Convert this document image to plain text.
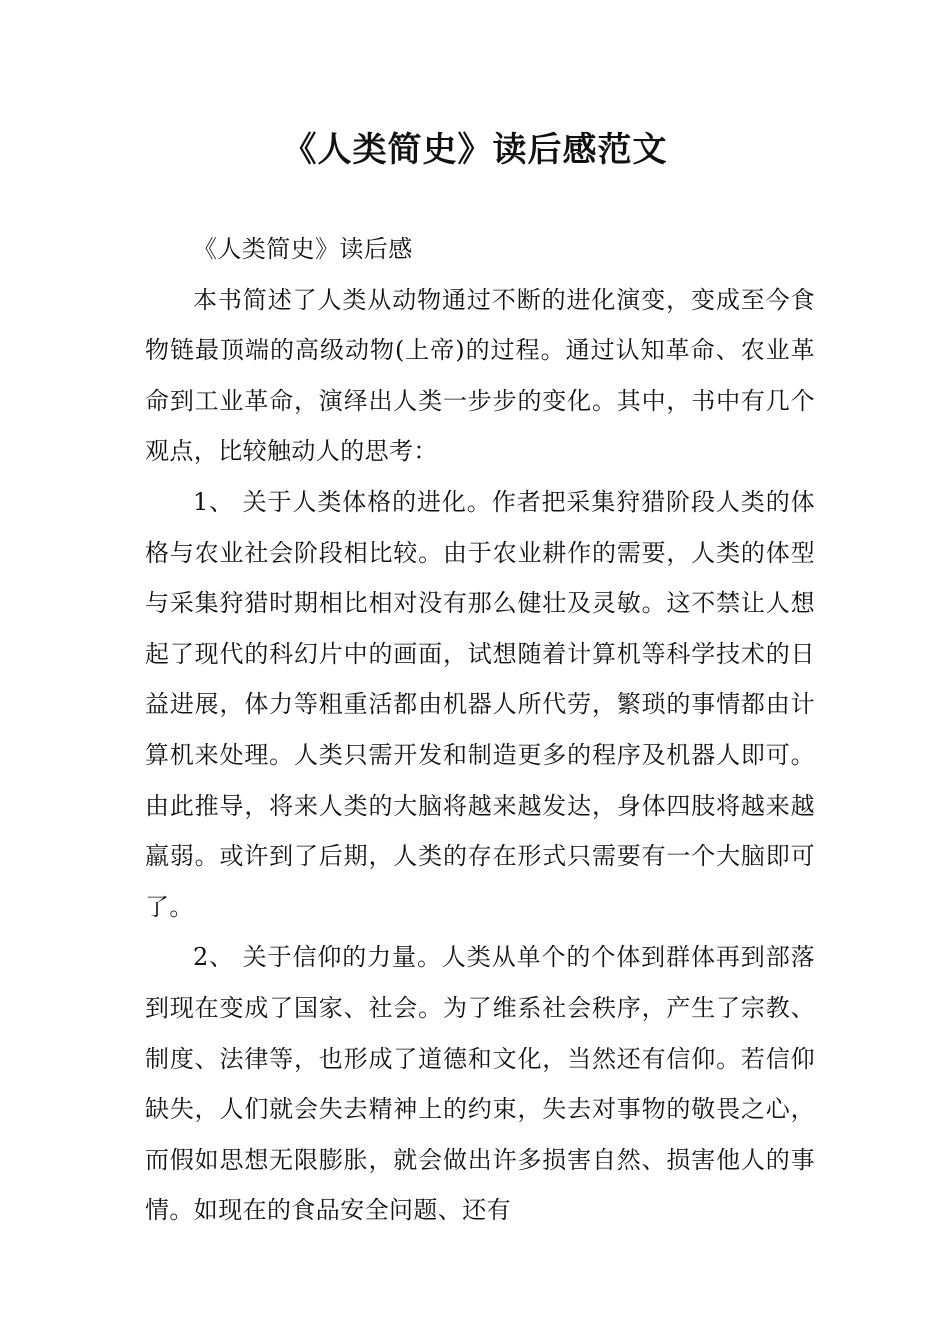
《人类简史》读后感范文

《人类简史》读后感

本书简述了人类从动物通过不断的进化演变，变成至今食物链最顶端的高级动物(上帝)的过程。通过认知革命、农业革命到工业革命，演绎出人类一步步的变化。其中，书中有几个观点，比较触动人的思考：

1、 关于人类体格的进化。作者把采集狩猎阶段人类的体格与农业社会阶段相比较。由于农业耕作的需要，人类的体型与采集狩猎时期相比相对没有那么健壮及灵敏。这不禁让人想起了现代的科幻片中的画面，试想随着计算机等科学技术的日益进展，体力等粗重活都由机器人所代劳，繁琐的事情都由计算机来处理。人类只需开发和制造更多的程序及机器人即可。由此推导，将来人类的大脑将越来越发达，身体四肢将越来越羸弱。或许到了后期，人类的存在形式只需要有一个大脑即可了。

2、 关于信仰的力量。人类从单个的个体到群体再到部落到现在变成了国家、社会。为了维系社会秩序，产生了宗教、制度、法律等，也形成了道德和文化，当然还有信仰。若信仰缺失，人们就会失去精神上的约束，失去对事物的敬畏之心，而假如思想无限膨胀，就会做出许多损害自然、损害他人的事情。如现在的食品安全问题、还有
